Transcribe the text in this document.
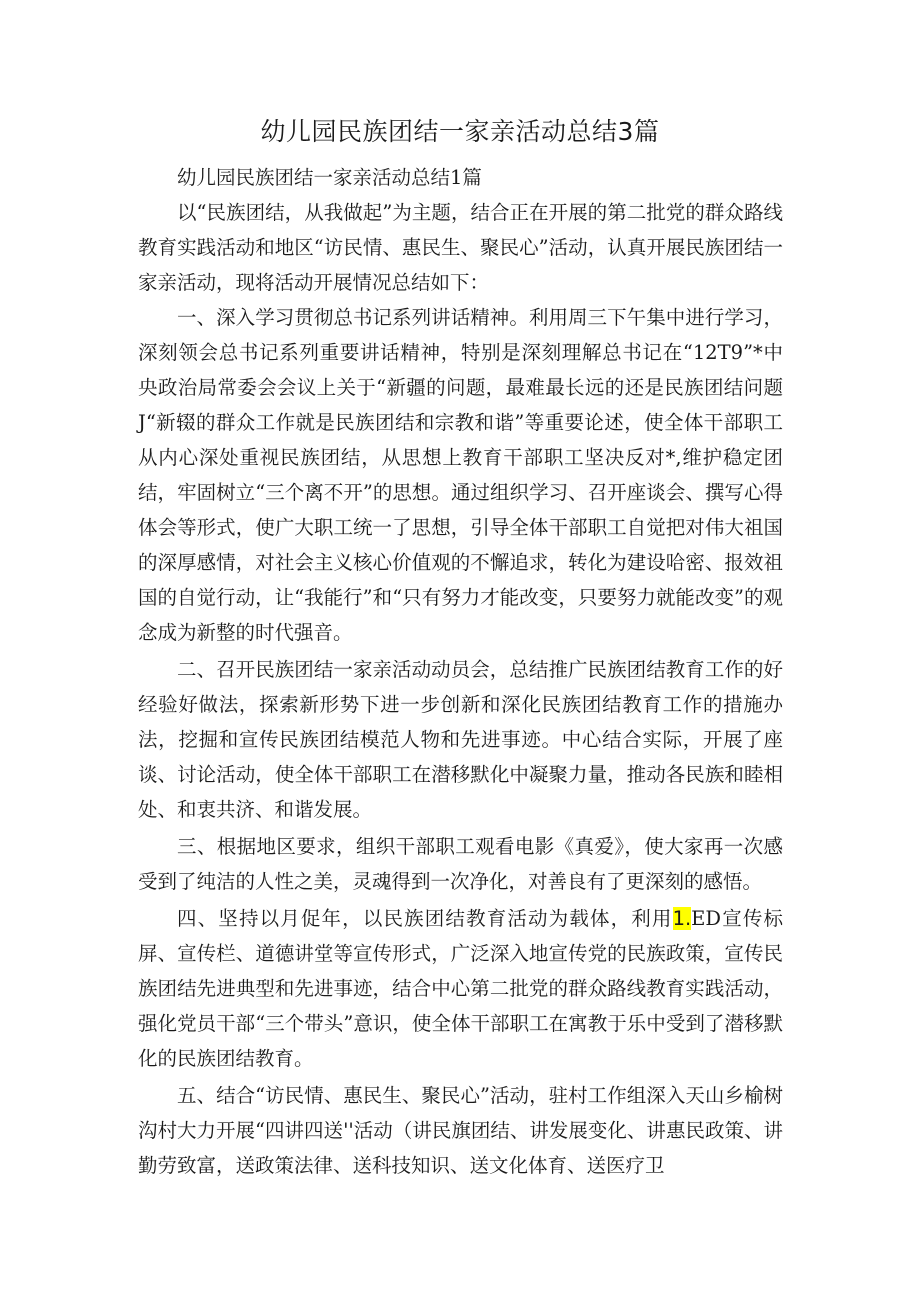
幼儿园民族团结一家亲活动总结3篇

幼儿园民族团结一家亲活动总结1篇

以“民族团结，从我做起”为主题，结合正在开展的第二批党的群众路线教育实践活动和地区“访民情、惠民生、聚民心”活动，认真开展民族团结一家亲活动，现将活动开展情况总结如下：

一、深入学习贯彻总书记系列讲话精神。利用周三下午集中进行学习，深刻领会总书记系列重要讲话精神，特别是深刻理解总书记在“12T9”*中央政治局常委会会议上关于“新疆的问题，最难最长远的还是民族团结问题J“新辍的群众工作就是民族团结和宗教和谐”等重要论述，使全体干部职工从内心深处重视民族团结，从思想上教育干部职工坚决反对*,维护稳定团结，牢固树立“三个离不开”的思想。通过组织学习、召开座谈会、撰写心得体会等形式，使广大职工统一了思想，引导全体干部职工自觉把对伟大祖国的深厚感情，对社会主义核心价值观的不懈追求，转化为建设哈密、报效祖国的自觉行动，让“我能行”和“只有努力才能改变，只要努力就能改变”的观念成为新整的时代强音。

二、召开民族团结一家亲活动动员会，总结推广民族团结教育工作的好经验好做法，探索新形势下进一步创新和深化民族团结教育工作的措施办法，挖掘和宣传民族团结模范人物和先进事迹。中心结合实际，开展了座谈、讨论活动，使全体干部职工在潜移默化中凝聚力量，推动各民族和睦相处、和衷共济、和谐发展。

三、根据地区要求，组织干部职工观看电影《真爱》，使大家再一次感受到了纯洁的人性之美，灵魂得到一次净化，对善良有了更深刻的感悟。

四、坚持以月促年，以民族团结教育活动为载体，利用1.ED宣传标屏、宣传栏、道德讲堂等宣传形式，广泛深入地宣传党的民族政策，宣传民族团结先进典型和先进事迹，结合中心第二批党的群众路线教育实践活动，强化党员干部“三个带头”意识，使全体干部职工在寓教于乐中受到了潜移默化的民族团结教育。

五、结合“访民情、惠民生、聚民心”活动，驻村工作组深入天山乡榆树沟村大力开展“四讲四送''活动（讲民旗团结、讲发展变化、讲惠民政策、讲勤劳致富，送政策法律、送科技知识、送文化体育、送医疗卫
